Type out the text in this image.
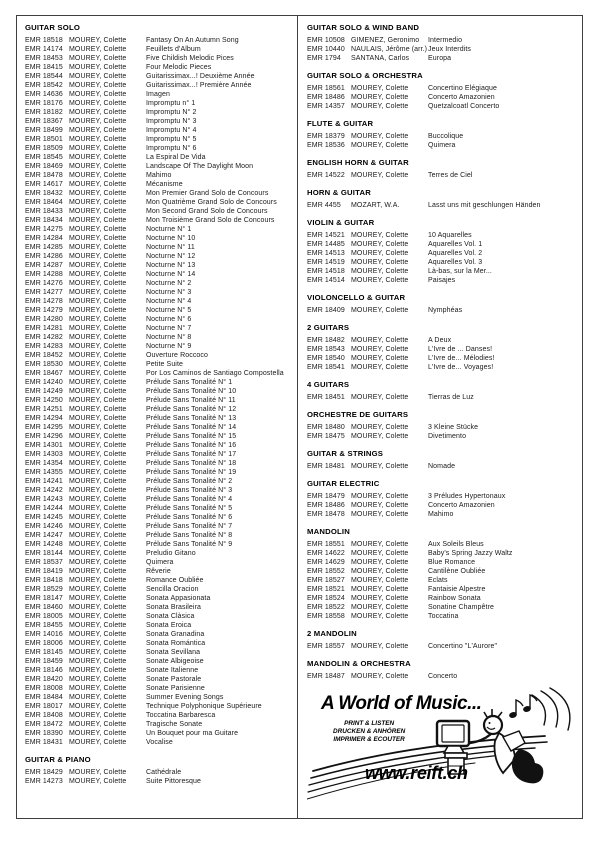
GUITAR SOLO
EMR 18518 MOUREY, Colette	Fantasy On An Autumn Song
EMR 14174 MOUREY, Colette	Feuillets d'Album
EMR 18453 MOUREY, Colette	Five Childish Melodic Pices
EMR 18415 MOUREY, Colette	Four Melodic Pieces
EMR 18544 MOUREY, Colette	Guitarissimax...! Deuxième Année
EMR 18542 MOUREY, Colette	Guitarissimax...! Première Année
EMR 14636 MOUREY, Colette	Imagen
EMR 18176 MOUREY, Colette	Impromptu n° 1
EMR 18182 MOUREY, Colette	Impromptu N° 2
EMR 18367 MOUREY, Colette	Impromptu N° 3
EMR 18499 MOUREY, Colette	Impromptu N° 4
EMR 18501 MOUREY, Colette	Impromptu N° 5
EMR 18509 MOUREY, Colette	Impromptu N° 6
EMR 18545 MOUREY, Colette	La Espiral De Vida
EMR 18469 MOUREY, Colette	Landscape Of The Daylight Moon
EMR 18478 MOUREY, Colette	Mahimo
EMR 14617 MOUREY, Colette	Mécanisme
EMR 18432 MOUREY, Colette	Mon Premier Grand Solo de Concours
EMR 18464 MOUREY, Colette	Mon Quatrième Grand Solo de Concours
EMR 18433 MOUREY, Colette	Mon Second Grand Solo de Concours
EMR 18434 MOUREY, Colette	Mon Troisième Grand Solo de Concours
EMR 14275 MOUREY, Colette	Nocturne N° 1
EMR 14284 MOUREY, Colette	Nocturne N° 10
EMR 14285 MOUREY, Colette	Nocturne N° 11
EMR 14286 MOUREY, Colette	Nocturne N° 12
EMR 14287 MOUREY, Colette	Nocturne N° 13
EMR 14288 MOUREY, Colette	Nocturne N° 14
EMR 14276 MOUREY, Colette	Nocturne N° 2
EMR 14277 MOUREY, Colette	Nocturne N° 3
EMR 14278 MOUREY, Colette	Nocturne N° 4
EMR 14279 MOUREY, Colette	Nocturne N° 5
EMR 14280 MOUREY, Colette	Nocturne N° 6
EMR 14281 MOUREY, Colette	Nocturne N° 7
EMR 14282 MOUREY, Colette	Nocturne N° 8
EMR 14283 MOUREY, Colette	Nocturne N° 9
EMR 18452 MOUREY, Colette	Ouverture Roccoco
EMR 18530 MOUREY, Colette	Petite Suite
EMR 18467 MOUREY, Colette	Por Los Caminos de Santiago Compostella
EMR 14240 MOUREY, Colette	Prélude Sans Tonalité N° 1
EMR 14249 MOUREY, Colette	Prélude Sans Tonalité N° 10
EMR 14250 MOUREY, Colette	Prélude Sans Tonalité N° 11
EMR 14251 MOUREY, Colette	Prélude Sans Tonalité N° 12
EMR 14294 MOUREY, Colette	Prélude Sans Tonalité N° 13
EMR 14295 MOUREY, Colette	Prélude Sans Tonalité N° 14
EMR 14296 MOUREY, Colette	Prélude Sans Tonalité N° 15
EMR 14301 MOUREY, Colette	Prélude Sans Tonalité N° 16
EMR 14303 MOUREY, Colette	Prélude Sans Tonalité N° 17
EMR 14354 MOUREY, Colette	Prélude Sans Tonalité N° 18
EMR 14355 MOUREY, Colette	Prélude Sans Tonalité N° 19
EMR 14241 MOUREY, Colette	Prélude Sans Tonalité N° 2
EMR 14242 MOUREY, Colette	Prélude Sans Tonalité N° 3
EMR 14243 MOUREY, Colette	Prélude Sans Tonalité N° 4
EMR 14244 MOUREY, Colette	Prélude Sans Tonalité N° 5
EMR 14245 MOUREY, Colette	Prélude Sans Tonalité N° 6
EMR 14246 MOUREY, Colette	Prélude Sans Tonalité N° 7
EMR 14247 MOUREY, Colette	Prélude Sans Tonalité N° 8
EMR 14248 MOUREY, Colette	Prélude Sans Tonalité N° 9
EMR 18144 MOUREY, Colette	Preludio Gitano
EMR 18537 MOUREY, Colette	Quimera
EMR 18419 MOUREY, Colette	Rêverie
EMR 18418 MOUREY, Colette	Romance Oubliée
EMR 18529 MOUREY, Colette	Sencilla Oracion
EMR 18147 MOUREY, Colette	Sonata Appasionata
EMR 18460 MOUREY, Colette	Sonata Brasileira
EMR 18005 MOUREY, Colette	Sonata Clàsica
EMR 18455 MOUREY, Colette	Sonata Eroica
EMR 14016 MOUREY, Colette	Sonata Granadina
EMR 18006 MOUREY, Colette	Sonata Romántica
EMR 18145 MOUREY, Colette	Sonata Sevillana
EMR 18459 MOUREY, Colette	Sonate Albigeoise
EMR 18146 MOUREY, Colette	Sonate Italienne
EMR 18420 MOUREY, Colette	Sonate Pastorale
EMR 18008 MOUREY, Colette	Sonate Parisienne
EMR 18484 MOUREY, Colette	Summer Evening Songs
EMR 18017 MOUREY, Colette	Technique Polyphonique Supérieure
EMR 18408 MOUREY, Colette	Toccatina Barbaresca
EMR 18472 MOUREY, Colette	Tragische Sonate
EMR 18390 MOUREY, Colette	Un Bouquet pour ma Guitare
EMR 18431 MOUREY, Colette	Vocalise
GUITAR & PIANO
EMR 18429 MOUREY, Colette	Cathédrale
EMR 14273 MOUREY, Colette	Suite Pittoresque
GUITAR SOLO & WIND BAND
EMR 10508 GIMENEZ, Geronimo	Intermedio
EMR 10440 NAULAIS, Jérôme (arr.) Jeux Interdits
EMR 1794	SANTANA, Carlos	Europa
GUITAR SOLO & ORCHESTRA
EMR 18561 MOUREY, Colette	Concertino Elégiaque
EMR 18486 MOUREY, Colette	Concerto Amazonien
EMR 14357 MOUREY, Colette	Quetzalcoatl Concerto
FLUTE & GUITAR
EMR 18379 MOUREY, Colette	Buccolique
EMR 18536 MOUREY, Colette	Quimera
ENGLISH HORN & GUITAR
EMR 14522 MOUREY, Colette	Terres de Ciel
HORN & GUITAR
EMR 4455	MOZART, W.A.	Lasst uns mit geschlungen Händen
VIOLIN & GUITAR
EMR 14521 MOUREY, Colette	10 Aquarelles
EMR 14485 MOUREY, Colette	Aquarelles Vol. 1
EMR 14513 MOUREY, Colette	Aquarelles Vol. 2
EMR 14519 MOUREY, Colette	Aquarelles Vol. 3
EMR 14518 MOUREY, Colette	Là-bas, sur la Mer...
EMR 14514 MOUREY, Colette	Paisajes
VIOLONCELLO & GUITAR
EMR 18409 MOUREY, Colette	Nymphéas
2 GUITARS
EMR 18482 MOUREY, Colette	A Deux
EMR 18543 MOUREY, Colette	L'Ivre de ... Danses!
EMR 18540 MOUREY, Colette	L'Ivre de... Mélodies!
EMR 18541 MOUREY, Colette	L'Ivre de... Voyages!
4 GUITARS
EMR 18451 MOUREY, Colette	Tierras de Luz
ORCHESTRE DE GUITARS
EMR 18480 MOUREY, Colette	3 Kleine Stücke
EMR 18475 MOUREY, Colette	Divetimento
GUITAR & STRINGS
EMR 18481 MOUREY, Colette	Nomade
GUITAR ELECTRIC
EMR 18479 MOUREY, Colette	3 Préludes Hypertonaux
EMR 18486 MOUREY, Colette	Concerto Amazonien
EMR 18478 MOUREY, Colette	Mahimo
MANDOLIN
EMR 18551 MOUREY, Colette	Aux Soleils Bleus
EMR 14622 MOUREY, Colette	Baby's Spring Jazzy Waltz
EMR 14629 MOUREY, Colette	Blue Romance
EMR 18552 MOUREY, Colette	Cantilène Oubliée
EMR 18527 MOUREY, Colette	Eclats
EMR 18521 MOUREY, Colette	Fantaisie Alpestre
EMR 18524 MOUREY, Colette	Rainbow Sonata
EMR 18522 MOUREY, Colette	Sonatine Champêtre
EMR 18558 MOUREY, Colette	Toccatina
2 MANDOLIN
EMR 18557 MOUREY, Colette	Concertino "L'Aurore"
MANDOLIN & ORCHESTRA
EMR 18487 MOUREY, Colette	Concerto
A World of Music...
PRINT & LISTEN
DRUCKEN & ANHÖREN
IMPRIMER & ECOUTER
www.reift.ch
